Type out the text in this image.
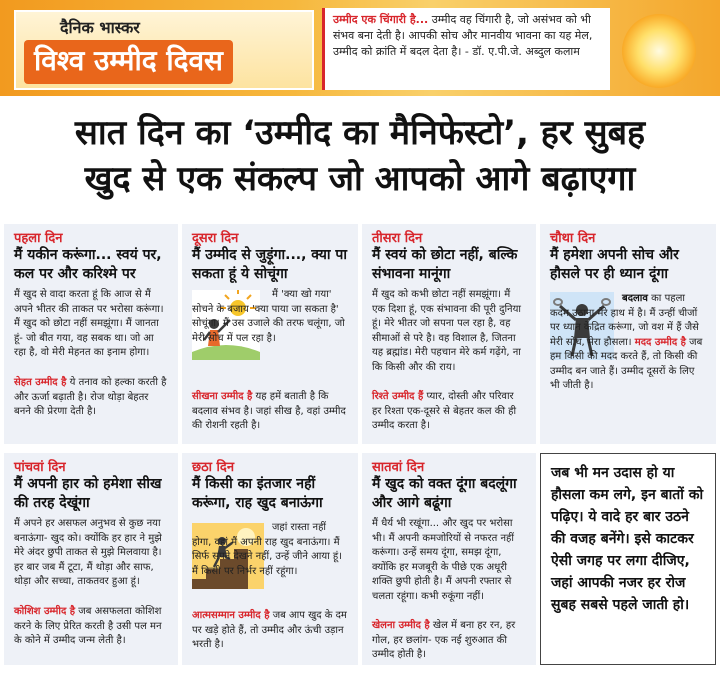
दैनिक भास्कर
विश्व उम्मीद दिवस
उम्मीद एक चिंगारी है... उम्मीद वह चिंगारी है, जो असंभव को भी संभव बना देती है। आपकी सोच और मानवीय भावना का यह मेल, उम्मीद को क्रांति में बदल देता है। - डॉ. ए.पी.जे. अब्दुल कलाम
सात दिन का ‘उम्मीद का मैनिफेस्टो’, हर सुबह
खुद से एक संकल्प जो आपको आगे बढ़ाएगा
पहला दिन
मैं यकीन करूंगा... स्वयं पर, कल पर और करिश्मे पर
मैं खुद से वादा करता हूं कि आज से मैं अपने भीतर की ताकत पर भरोसा करूंगा। मैं खुद को छोटा नहीं समझूंगा। मैं जानता हूं- जो बीत गया, वह सबक था। जो आ रहा है, वो मेरी मेहनत का इनाम होगा।
सेहत उम्मीद है ये तनाव को हल्का करती है और ऊर्जा बढ़ाती है। रोज थोड़ा बेहतर बनने की प्रेरणा देती है।
दूसरा दिन
मैं उम्मीद से जुड़ूंगा..., क्या पा सकता हूं ये सोचूंगा
मैं 'क्या खो गया' सोचने के बजाय 'क्या पाया जा सकता है' सोचूंगा। मैं उस उजाले की तरफ चलूंगा, जो मेरी सोच में पल रहा है।
सीखना उम्मीद है यह हमें बताती है कि बदलाव संभव है। जहां सीख है, वहां उम्मीद की रोशनी रहती है।
तीसरा दिन
मैं स्वयं को छोटा नहीं, बल्कि संभावना मानूंगा
मैं खुद को कभी छोटा नहीं समझूंगा। मैं एक दिशा हूं, एक संभावना की पूरी दुनिया हूं। मेरे भीतर जो सपना पल रहा है, वह सीमाओं से परे है। वह विशाल है, जितना यह ब्रह्मांड। मेरी पहचान मेरे कर्म गढ़ेंगे, ना कि किसी और की राय।
रिश्ते उम्मीद हैं प्यार, दोस्ती और परिवार हर रिश्ता एक-दूसरे से बेहतर कल की ही उम्मीद करता है।
चौथा दिन
मैं हमेशा अपनी सोच और हौसले पर ही ध्यान दूंगा
बदलाव का पहला कदम उठाना मेरे हाथ में है। मैं उन्हीं चीजों पर ध्यान केंद्रित करूंगा, जो वश में हैं जैसे मेरी सोच, मेरा हौसला। मदद उम्मीद है जब हम किसी की मदद करते हैं, तो किसी की उम्मीद बन जाते हैं। उम्मीद दूसरों के लिए भी जीती है।
पांचवां दिन
मैं अपनी हार को हमेशा सीख की तरह देखूंगा
मैं अपने हर असफल अनुभव से कुछ नया बनाऊंगा- खुद को। क्योंकि हर हार ने मुझे मेरे अंदर छुपी ताकत से मुझे मिलवाया है। हर बार जब मैं टूटा, मैं थोड़ा और साफ, थोड़ा और सच्चा, ताकतवर हुआ हूं।
कोशिश उम्मीद है जब असफलता कोशिश करने के लिए प्रेरित करती है उसी पल मन के कोने में उम्मीद जन्म लेती है।
छठा दिन
मैं किसी का इंतजार नहीं करूंगा, राह खुद बनाऊंगा
जहां रास्ता नहीं होगा, वहां मैं अपनी राह खुद बनाऊंगा। मैं सिर्फ सपने देखने नहीं, उन्हें जीने आया हूं। मैं किसी पर निर्भर नहीं रहूंगा।
आत्मसम्मान उम्मीद है जब आप खुद के दम पर खड़े होते हैं, तो उम्मीद और ऊंची उड़ान भरती है।
सातवां दिन
मैं खुद को वक्त दूंगा बदलूंगा और आगे बढूंगा
मैं धैर्य भी रखूंगा... और खुद पर भरोसा भी। मैं अपनी कमजोरियों से नफरत नहीं करूंगा। उन्हें समय दूंगा, समझ दूंगा, क्योंकि हर मजबूरी के पीछे एक अधूरी शक्ति छुपी होती है। मैं अपनी रफ्तार से चलता रहूंगा। कभी रुकूंगा नहीं।
खेलना उम्मीद है खेल में बना हर रन, हर गोल, हर छलांग- एक नई शुरुआत की उम्मीद होती है।
जब भी मन उदास हो या हौसला कम लगे, इन बातों को पढ़िए। ये वादे हर बार उठने की वजह बनेंगे। इसे काटकर ऐसी जगह पर लगा दीजिए, जहां आपकी नजर हर रोज सुबह सबसे पहले जाती हो।
